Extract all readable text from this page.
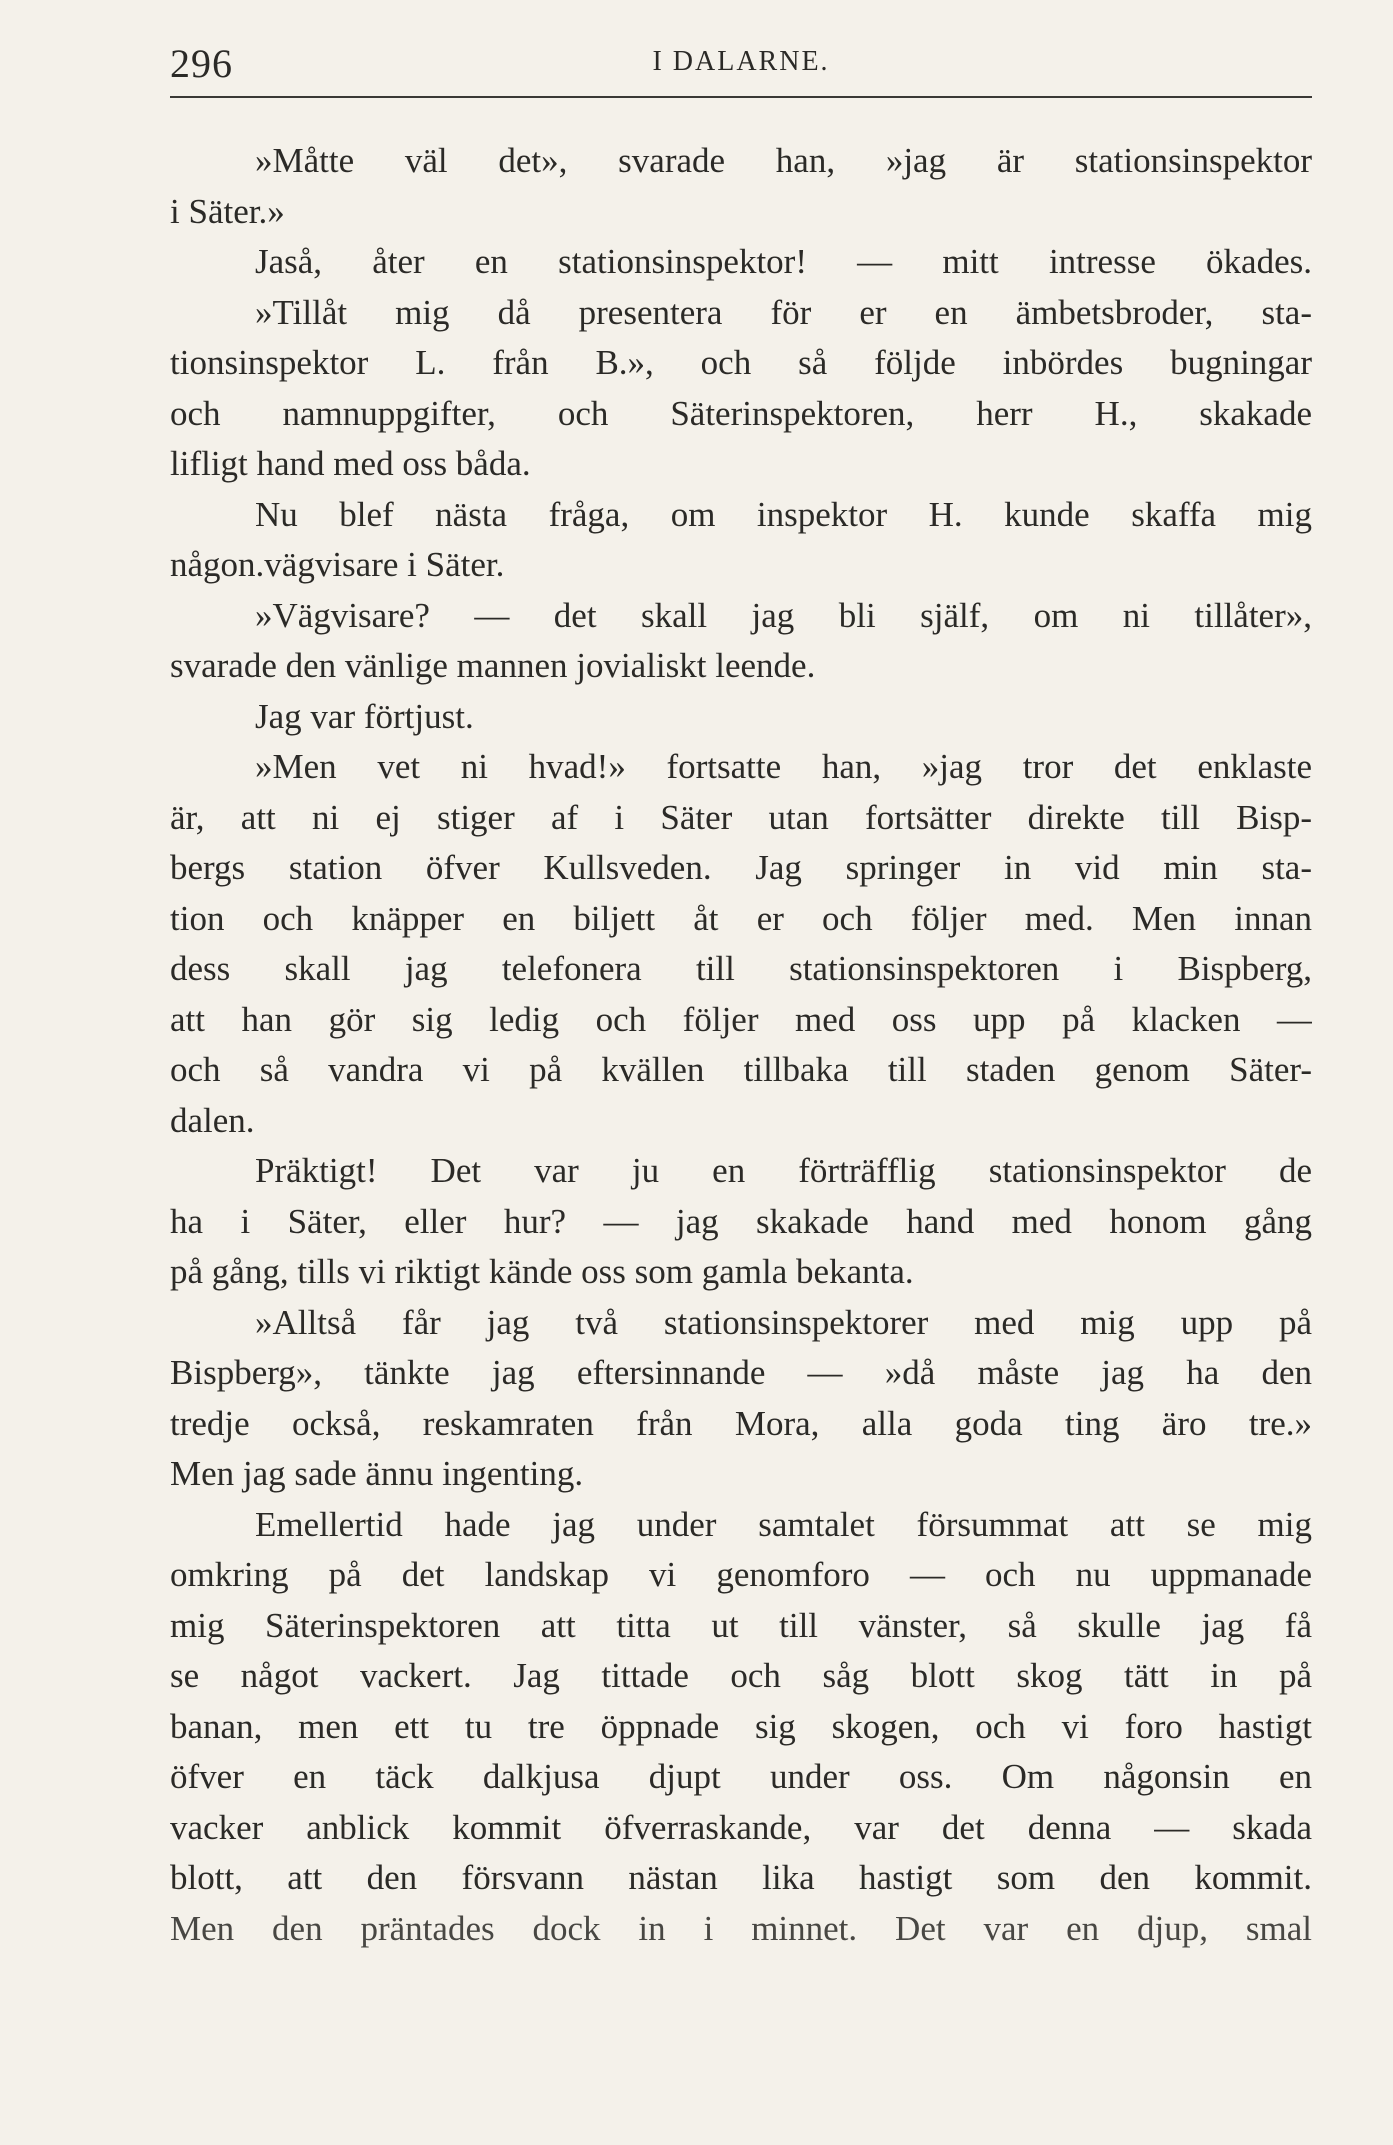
296	I DALARNE.
»Måtte väl det», svarade han, »jag är stationsinspektor
i Säter.»
Jaså, åter en stationsinspektor! — mitt intresse ökades.
»Tillåt mig då presentera för er en ämbetsbroder, sta-
tionsinspektor L. från B.», och så följde inbördes bugningar
och namnuppgifter, och Säterinspektoren, herr H., skakade
lifligt hand med oss båda.
Nu blef nästa fråga, om inspektor H. kunde skaffa mig
någon.vägvisare i Säter.
»Vägvisare? — det skall jag bli själf, om ni tillåter»,
svarade den vänlige mannen jovialiskt leende.
Jag var förtjust.
»Men vet ni hvad!» fortsatte han, »jag tror det enklaste
är, att ni ej stiger af i Säter utan fortsätter direkte till Bisp-
bergs station öfver Kullsveden. Jag springer in vid min sta-
tion och knäpper en biljett åt er och följer med. Men innan
dess skall jag telefonera till stationsinspektoren i Bispberg,
att han gör sig ledig och följer med oss upp på klacken —
och så vandra vi på kvällen tillbaka till staden genom Säter-
dalen.
Präktigt! Det var ju en förträfflig stationsinspektor de
ha i Säter, eller hur? — jag skakade hand med honom gång
på gång, tills vi riktigt kände oss som gamla bekanta.
»Alltså får jag två stationsinspektorer med mig upp på
Bispberg», tänkte jag eftersinnande — »då måste jag ha den
tredje också, reskamraten från Mora, alla goda ting äro tre.»
Men jag sade ännu ingenting.
Emellertid hade jag under samtalet försummat att se mig
omkring på det landskap vi genomforo — och nu uppmanade
mig Säterinspektoren att titta ut till vänster, så skulle jag få
se något vackert. Jag tittade och såg blott skog tätt in på
banan, men ett tu tre öppnade sig skogen, och vi foro hastigt
öfver en täck dalkjusa djupt under oss. Om någonsin en
vacker anblick kommit öfverraskande, var det denna — skada
blott, att den försvann nästan lika hastigt som den kommit.
Men den präntades dock in i minnet. Det var en djup, smal
